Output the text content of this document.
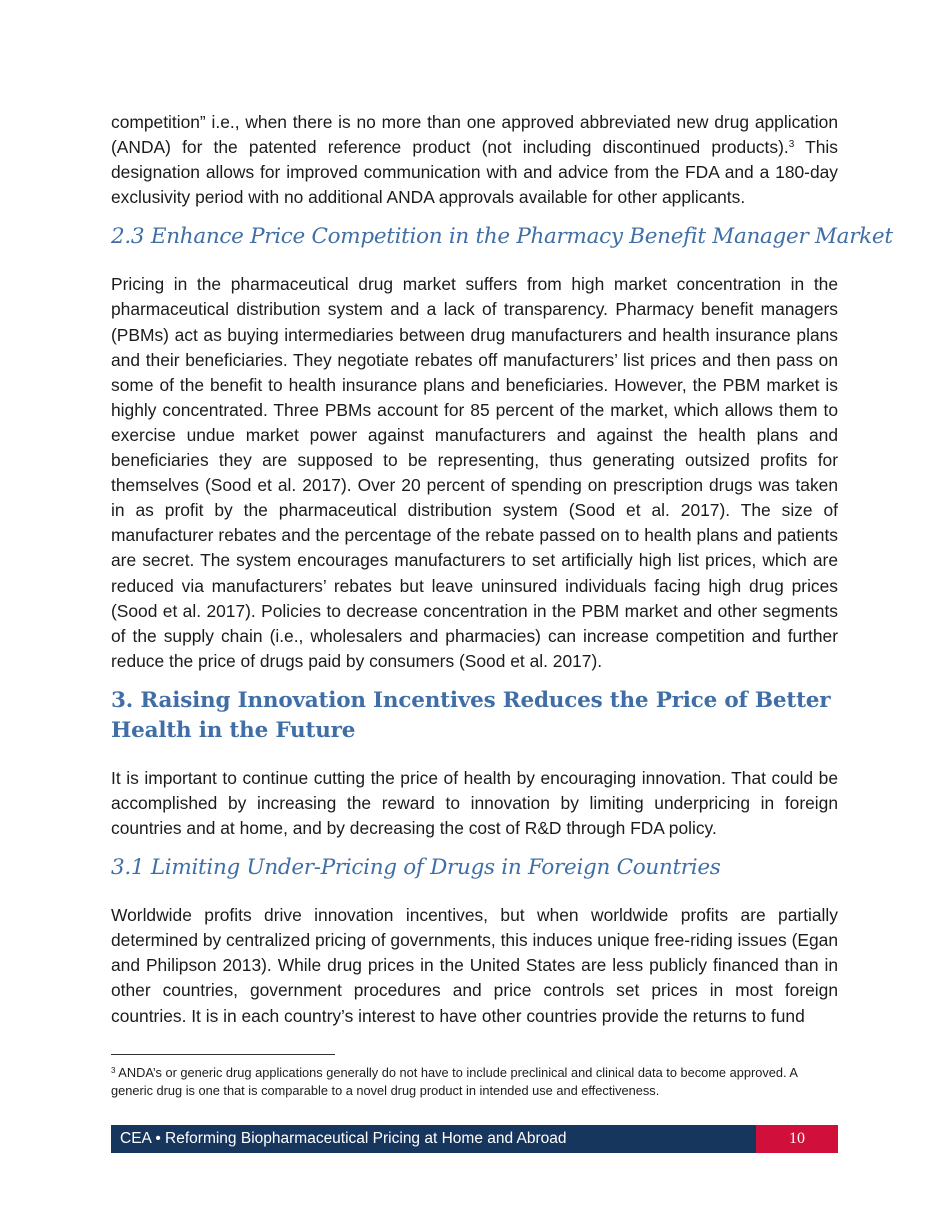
competition” i.e., when there is no more than one approved abbreviated new drug application (ANDA) for the patented reference product (not including discontinued products).$^3$ This designation allows for improved communication with and advice from the FDA and a 180-day exclusivity period with no additional ANDA approvals available for other applicants.

2.3 Enhance Price Competition in the Pharmacy Benefit Manager Market

Pricing in the pharmaceutical drug market suffers from high market concentration in the pharmaceutical distribution system and a lack of transparency. Pharmacy benefit managers (PBMs) act as buying intermediaries between drug manufacturers and health insurance plans and their beneficiaries. They negotiate rebates off manufacturers’ list prices and then pass on some of the benefit to health insurance plans and beneficiaries. However, the PBM market is highly concentrated. Three PBMs account for 85 percent of the market, which allows them to exercise undue market power against manufacturers and against the health plans and beneficiaries they are supposed to be representing, thus generating outsized profits for themselves (Sood et al. 2017). Over 20 percent of spending on prescription drugs was taken in as profit by the pharmaceutical distribution system (Sood et al. 2017). The size of manufacturer rebates and the percentage of the rebate passed on to health plans and patients are secret. The system encourages manufacturers to set artificially high list prices, which are reduced via manufacturers’ rebates but leave uninsured individuals facing high drug prices (Sood et al. 2017). Policies to decrease concentration in the PBM market and other segments of the supply chain (i.e., wholesalers and pharmacies) can increase competition and further reduce the price of drugs paid by consumers (Sood et al. 2017).

3. Raising Innovation Incentives Reduces the Price of Better Health in the Future

It is important to continue cutting the price of health by encouraging innovation. That could be accomplished by increasing the reward to innovation by limiting underpricing in foreign countries and at home, and by decreasing the cost of R&D through FDA policy.

3.1 Limiting Under-Pricing of Drugs in Foreign Countries

Worldwide profits drive innovation incentives, but when worldwide profits are partially determined by centralized pricing of governments, this induces unique free-riding issues (Egan and Philipson 2013). While drug prices in the United States are less publicly financed than in other countries, government procedures and price controls set prices in most foreign countries. It is in each country’s interest to have other countries provide the returns to fund

$^3$ ANDA’s or generic drug applications generally do not have to include preclinical and clinical data to become approved. A generic drug is one that is comparable to a novel drug product in intended use and effectiveness.
CEA • Reforming Biopharmaceutical Pricing at Home and Abroad	10
